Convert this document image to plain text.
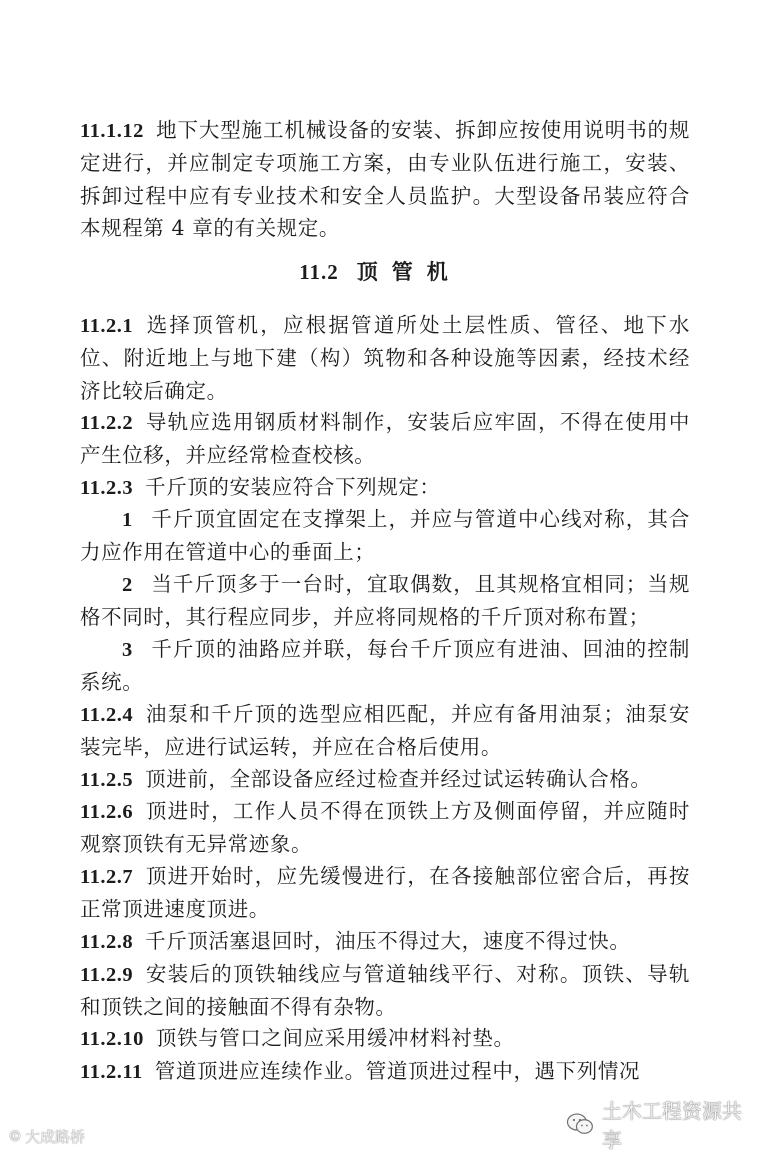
11.1.12 地下大型施工机械设备的安装、拆卸应按使用说明书的规定进行，并应制定专项施工方案，由专业队伍进行施工，安装、拆卸过程中应有专业技术和安全人员监护。大型设备吊装应符合本规程第 4 章的有关规定。

11.2 顶管机

11.2.1 选择顶管机，应根据管道所处土层性质、管径、地下水位、附近地上与地下建（构）筑物和各种设施等因素，经技术经济比较后确定。

11.2.2 导轨应选用钢质材料制作，安装后应牢固，不得在使用中产生位移，并应经常检查校核。

11.2.3 千斤顶的安装应符合下列规定：

1 千斤顶宜固定在支撑架上，并应与管道中心线对称，其合力应作用在管道中心的垂面上；

2 当千斤顶多于一台时，宜取偶数，且其规格宜相同；当规格不同时，其行程应同步，并应将同规格的千斤顶对称布置；

3 千斤顶的油路应并联，每台千斤顶应有进油、回油的控制系统。

11.2.4 油泵和千斤顶的选型应相匹配，并应有备用油泵；油泵安装完毕，应进行试运转，并应在合格后使用。

11.2.5 顶进前，全部设备应经过检查并经过试运转确认合格。

11.2.6 顶进时，工作人员不得在顶铁上方及侧面停留，并应随时观察顶铁有无异常迹象。

11.2.7 顶进开始时，应先缓慢进行，在各接触部位密合后，再按正常顶进速度顶进。

11.2.8 千斤顶活塞退回时，油压不得过大，速度不得过快。

11.2.9 安装后的顶铁轴线应与管道轴线平行、对称。顶铁、导轨和顶铁之间的接触面不得有杂物。

11.2.10 顶铁与管口之间应采用缓冲材料衬垫。

11.2.11 管道顶进应连续作业。管道顶进过程中，遇下列情况

© 大成路桥
土木工程资源共享
